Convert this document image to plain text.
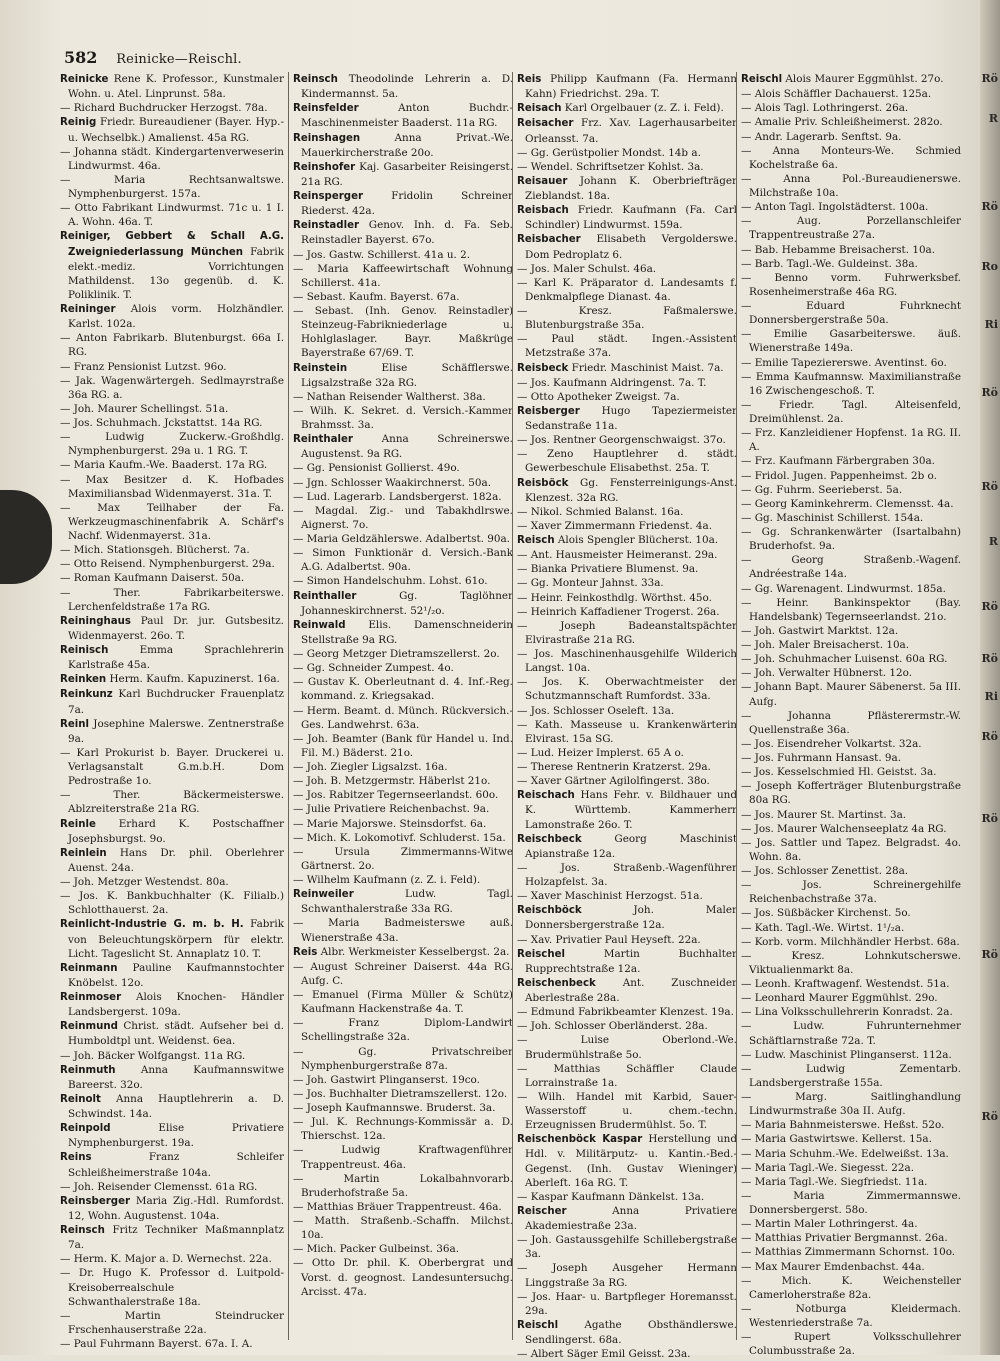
Rö
R
Rö
Ro
Ri
Rö
Rö
R
Rö
Rö
Ri
Rö
Rö
Rö
Rö
582 Reinicke—Reischl.

Reinicke Rene K. Professor., Kunstmaler Wohn. u. Atel. Linprunst. 58a.

— Richard Buchdrucker Herzogst. 78a.

Reinig Friedr. Bureaudiener (Bayer. Hyp.- u. Wechselbk.) Amalienst. 45a RG.

— Johanna städt. Kindergartenverweserin Lindwurmst. 46a.

— Maria Rechtsanwaltswe. Nymphenburgerst. 157a.

— Otto Fabrikant Lindwurmst. 71c u. 1 I. A. Wohn. 46a. T.

Reiniger, Gebbert & Schall A.G. Zweigniederlassung München Fabrik elekt.-mediz. Vorrichtungen Mathildenst. 13o gegenüb. d. K. Poliklinik. T.

Reininger Alois vorm. Holzhändler. Karlst. 102a.

— Anton Fabrikarb. Blutenburgst. 66a I. RG.

— Franz Pensionist Lutzst. 96o.

— Jak. Wagenwärtergeh. Sedlmayrstraße 36a RG. a.

— Joh. Maurer Schellingst. 51a.

— Jos. Schuhmach. Jckstattst. 14a RG.

— Ludwig Zuckerw.-Großhdlg. Nymphenburgerst. 29a u. 1 RG. T.

— Maria Kaufm.-We. Baaderst. 17a RG.

— Max Besitzer d. K. Hofbades Maximiliansbad Widenmayerst. 31a. T.

— Max Teilhaber der Fa. Werkzeugmaschinenfabrik A. Schärf's Nachf. Widenmayerst. 31a.

— Mich. Stationsgeh. Blücherst. 7a.

— Otto Reisend. Nymphenburgerst. 29a.

— Roman Kaufmann Daiserst. 50a.

— Ther. Fabrikarbeiterswe. Lerchenfeldstraße 17a RG.

Reininghaus Paul Dr. jur. Gutsbesitz. Widenmayerst. 26o. T.

Reinisch	Emma Sprachlehrerin Karlstraße 45a.

Reinken Herm. Kaufm. Kapuzinerst. 16a.

Reinkunz Karl Buchdrucker Frauenplatz 7a.

Reinl Josephine Malerswe. Zentnerstraße 9a.

— Karl Prokurist b. Bayer. Druckerei u. Verlagsanstalt G.m.b.H. Dom Pedrostraße 1o.

— Ther. Bäckermeisterswe. Ablzreiterstraße 21a RG.

Reinle Erhard K. Postschaffner Josephsburgst. 9o.

Reinlein Hans Dr. phil. Oberlehrer Auenst. 24a.

— Joh. Metzger Westendst. 80a.

— Jos. K. Bankbuchhalter (K. Filialb.) Schlotthauerst. 2a.

Reinlicht-Industrie G. m. b. H. Fabrik von Beleuchtungskörpern für elektr. Licht. Tageslicht St. Annaplatz 10. T.

Reinmann Pauline Kaufmannstochter Knöbelst. 12o.

Reinmoser Alois Knochen- Händler Landsbergerst. 109a.

Reinmund Christ. städt. Aufseher bei d. Humboldtpl unt. Weidenst. 6ea.

— Joh. Bäcker Wolfgangst. 11a RG.

Reinmuth Anna Kaufmannswitwe Bareerst. 32o.

Reinolt Anna Hauptlehrerin a. D. Schwindst. 14a.

Reinpold	Elise Privatiere Nymphenburgerst. 19a.

Reins	Franz Schleifer Schleißheimerstraße 104a.

— Joh. Reisender Clemensst. 61a RG.

Reinsberger Maria Zig.-Hdl. Rumfordst. 12, Wohn. Augustenst. 104a.

Reinsch Fritz Techniker Maßmannplatz 7a.

— Herm. K. Major a. D. Wernechst. 22a.

— Dr. Hugo K. Professor d. Luitpold-Kreisoberrealschule Schwanthalerstraße 18a.

— Martin Steindrucker Frschenhauserstraße 22a.

— Paul Fuhrmann Bayerst. 67a. I. A.

Reinsch Theodolinde Lehrerin a. D. Kindermannst. 5a.

Reinsfelder	Anton Buchdr.-Maschinenmeister Baaderst. 11a RG.

Reinshagen	Anna Privat.-We. Mauerkircherstraße 20o.

Reinshofer Kaj. Gasarbeiter Reisingerst. 21a RG.

Reinsperger	Fridolin Schreiner Riederst. 42a.

Reinstadler Genov. Inh. d. Fa. Seb. Reinstadler Bayerst. 67o.

— Jos. Gastw. Schillerst. 41a u. 2.

— Maria Kaffeewirtschaft Wohnung Schillerst. 41a.

— Sebast. Kaufm. Bayerst. 67a.

— Sebast. (Inh. Genov. Reinstadler) Steinzeug-Fabrikniederlage u. Hohlglaslager. Bayr. Maßkrüge Bayerstraße 67/69. T.

Reinstein	Elise Schäfflerswe. Ligsalzstraße 32a RG.

— Nathan Reisender Waltherst. 38a.

— Wilh. K. Sekret. d. Versich.-Kammer Brahmsst. 3a.

Reinthaler	Anna Schreinerswe. Augustenst. 9a RG.

— Gg. Pensionist Gollierst. 49o.

— Jgn. Schlosser Waakirchnerst. 50a.

— Lud. Lagerarb. Landsbergerst. 182a.

— Magdal. Zig.- und Tabakhdlrswe. Aignerst. 7o.

— Maria Geldzählerswe. Adalbertst. 90a.

— Simon Funktionär d. Versich.-Bank A.G. Adalbertst. 90a.

— Simon Handelschuhm. Lohst. 61o.

Reinthaller	Gg. Taglöhner Johanneskirchnerst. 52¹/₂o.

Reinwald Elis. Damenschneiderin Stellstraße 9a RG.

— Georg Metzger Dietramszellerst. 2o.

— Gg. Schneider Zumpest. 4o.

— Gustav K. Oberleutnant d. 4. Inf.-Reg. kommand. z. Kriegsakad.

— Herm. Beamt. d. Münch. Rückversich.-Ges. Landwehrst. 63a.

— Joh. Beamter (Bank für Handel u. Ind. Fil. M.) Bäderst. 21o.

— Joh. Ziegler Ligsalzst. 16a.

— Joh. B. Metzgermstr. Häberlst 21o.

— Jos. Rabitzer Tegernseerlandst. 60o.

— Julie Privatiere Reichenbachst. 9a.

— Marie Majorswe. Steinsdorfst. 6a.

— Mich. K. Lokomotivf. Schluderst. 15a.

— Ursula Zimmermanns-Witwe Gärtnerst. 2o.

— Wilhelm Kaufmann (z. Z. i. Feld).

Reinweiler	Ludw. Tagl. Schwanthalerstraße 33a RG.

— Maria Badmeisterswe auß. Wienerstraße 43a.

Reis Albr. Werkmeister Kesselbergst. 2a.

— August Schreiner Daiserst. 44a RG. Aufg. C.

— Emanuel (Firma Müller & Schütz) Kaufmann Hackenstraße 4a. T.

— Franz Diplom-Landwirt Schellingstraße 32a.

— Gg. Privatschreiber Nymphenburgerstraße 87a.

— Joh. Gastwirt Plinganserst. 19co.

— Jos. Buchhalter Dietramszellerst. 12o.

— Joseph Kaufmannswe. Bruderst. 3a.

— Jul. K. Rechnungs-Kommissär a. D. Thierschst. 12a.

— Ludwig Kraftwagenführer Trappentreust. 46a.

— Martin Lokalbahnvorarb. Bruderhofstraße 5a.

— Matthias Bräuer Trappentreust. 46a.

— Matth. Straßenb.-Schaffn. Milchst. 10a.

— Mich. Packer Gulbeinst. 36a.

— Otto Dr. phil. K. Oberbergrat und Vorst. d. geognost. Landesuntersuchg. Arcisst. 47a.

Reis Philipp Kaufmann (Fa. Hermann Kahn) Friedrichst. 29a. T.

Reisach Karl Orgelbauer (z. Z. i. Feld).

Reisacher Frz. Xav. Lagerhausarbeiter Orleansst. 7a.

— Gg. Gerüstpolier Mondst. 14b a.

— Wendel. Schriftsetzer Kohlst. 3a.

Reisauer Johann K. Oberbriefträger Zieblandst. 18a.

Reisbach Friedr. Kaufmann (Fa. Carl Schindler) Lindwurmst. 159a.

Reisbacher Elisabeth Vergolderswe. Dom Pedroplatz 6.

— Jos. Maler Schulst. 46a.

— Karl K. Präparator d. Landesamts f. Denkmalpflege Dianast. 4a.

— Kresz. Faßmalerswe. Blutenburgstraße 35a.

— Paul städt. Ingen.-Assistent Metzstraße 37a.

Reisbeck Friedr. Maschinist Maist. 7a.

— Jos. Kaufmann Aldringenst. 7a. T.

— Otto Apotheker Zweigst. 7a.

Reisberger Hugo Tapeziermeister Sedanstraße 11a.

— Jos. Rentner Georgenschwaigst. 37o.

— Zeno Hauptlehrer d. städt. Gewerbeschule Elisabethst. 25a. T.

Reisböck Gg. Fensterreinigungs-Anst. Klenzest. 32a RG.

— Nikol. Schmied Balanst. 16a.

— Xaver Zimmermann Friedenst. 4a.

Reisch Alois Spengler Blücherst. 10a.

— Ant. Hausmeister Heimeranst. 29a.

— Bianka Privatiere Blumenst. 9a.

— Gg. Monteur Jahnst. 33a.

— Heinr. Feinkosthdlg. Wörthst. 45o.

— Heinrich Kaffadiener Trogerst. 26a.

— Joseph Badeanstaltspächter Elvirastraße 21a RG.

— Jos. Maschinenhausgehilfe Wilderich Langst. 10a.

— Jos. K. Oberwachtmeister der Schutzmannschaft Rumfordst. 33a.

— Jos. Schlosser Oseleft. 13a.

— Kath. Masseuse u. Krankenwärterin Elvirast. 15a SG.

— Lud. Heizer Implerst. 65 A o.

— Therese Rentnerin Kratzerst. 29a.

— Xaver Gärtner Agilolfingerst. 38o.

Reischach Hans Fehr. v. Bildhauer und K. Württemb. Kammerherr Lamonstraße 26o. T.

Reischbeck	Georg Maschinist Apianstraße 12a.

— Jos. Straßenb.-Wagenführer Holzapfelst. 3a.

— Xaver Maschinist Herzogst. 51a.

Reischböck	Joh. Maler Donnersbergerstraße 12a.

— Xav. Privatier Paul Heyseft. 22a.

Reischel	Martin Buchhalter Rupprechtstraße 12a.

Reischenbeck	Ant. Zuschneider Aberlestraße 28a.

— Edmund Fabrikbeamter Klenzest. 19a.

— Joh. Schlosser Oberländerst. 28a.

— Luise Oberlond.-We. Brudermühlstraße 5o.

— Matthias Schäffler Claude Lorrainstraße 1a.

— Wilh. Handel mit Karbid, Sauer- Wasserstoff u. chem.-techn. Erzeugnissen Brudermühlst. 5o. T.

Reischenböck Kaspar Herstellung und Hdl. v. Militärputz- u. Kantin.-Bed.-Gegenst. (Inh. Gustav Wieninger) Aberleft. 16a RG. T.

— Kaspar Kaufmann Dänkelst. 13a.

Reischer	Anna Privatiere Akademiestraße 23a.

— Joh. Gastaussgehilfe Schillebergstraße 3a.

— Joseph Ausgeher Hermann Linggstraße 3a RG.

— Jos. Haar- u. Bartpfleger Horemansst. 29a.

Reischl	Agathe Obsthändlerswe. Sendlingerst. 68a.

— Albert Säger Emil Geisst. 23a.

Reischl Alois Maurer Eggmühlst. 27o.

— Alois Schäffler Dachauerst. 125a.

— Alois Tagl. Lothringerst. 26a.

— Amalie Priv. Schleißheimerst. 282o.

— Andr. Lagerarb. Senftst. 9a.

— Anna Monteurs-We. Schmied Kochelstraße 6a.

— Anna Pol.-Bureaudienerswe. Milchstraße 10a.

— Anton Tagl. Ingolstädterst. 100a.

— Aug. Porzellanschleifer Trappentreustraße 27a.

— Bab. Hebamme Breisacherst. 10a.

— Barb. Tagl.-We. Guldeinst. 38a.

— Benno vorm. Fuhrwerksbef. Rosenheimerstraße 46a RG.

— Eduard Fuhrknecht Donnersbergerstraße 50a.

— Emilie Gasarbeiterswe. äuß. Wienerstraße 149a.

— Emilie Tapeziererswe. Aventinst. 6o.

— Emma Kaufmannsw. Maximilianstraße 16 Zwischengeschoß. T.

— Friedr. Tagl. Alteisenfeld, Dreimühlenst. 2a.

— Frz. Kanzleidiener Hopfenst. 1a RG. II. A.

— Frz. Kaufmann Färbergraben 30a.

— Fridol. Jugen. Pappenheimst. 2b o.

— Gg. Fuhrm. Seerieberst. 5a.

— Georg Kaminkehrerm. Clemensst. 4a.

— Gg. Maschinist Schillerst. 154a.

— Gg. Schrankenwärter (Isartalbahn) Bruderhofst. 9a.

— Georg Straßenb.-Wagenf. Andréestraße 14a.

— Gg. Warenagent. Lindwurmst. 185a.

— Heinr. Bankinspektor (Bay. Handelsbank) Tegernseerlandst. 21o.

— Joh. Gastwirt Marktst. 12a.

— Joh. Maler Breisacherst. 10a.

— Joh. Schuhmacher Luisenst. 60a RG.

— Joh. Verwalter Hübnerst. 12o.

— Johann Bapt. Maurer Säbenerst. 5a III. Aufg.

— Johanna Pflästerermstr.-W. Quellenstraße 36a.

— Jos. Eisendreher Volkartst. 32a.

— Jos. Fuhrmann Hansast. 9a.

— Jos. Kesselschmied Hl. Geistst. 3a.

— Joseph Kofferträger Blutenburgstraße 80a RG.

— Jos. Maurer St. Martinst. 3a.

— Jos. Maurer Walchenseeplatz 4a RG.

— Jos. Sattler und Tapez. Belgradst. 4o. Wohn. 8a.

— Jos. Schlosser Zenettist. 28a.

— Jos. Schreinergehilfe Reichenbachstraße 37a.

— Jos. Süßbäcker Kirchenst. 5o.

— Kath. Tagl.-We. Wirtst. 1¹/₂a.

— Korb. vorm. Milchhändler Herbst. 68a.

— Kresz. Lohnkutscherswe. Viktualienmarkt 8a.

— Leonh. Kraftwagenf. Westendst. 51a.

— Leonhard Maurer Eggmühlst. 29o.

— Lina Volksschullehrerin Konradst. 2a.

— Ludw. Fuhrunternehmer Schäftlarnstraße 72a. T.

— Ludw. Maschinist Plinganserst. 112a.

— Ludwig Zementarb. Landsbergerstraße 155a.

— Marg. Saitlinghandlung Lindwurmstraße 30a II. Aufg.

— Maria Bahnmeisterswe. Heßst. 52o.

— Maria Gastwirtswe. Kellerst. 15a.

— Maria Schuhm.-We. Edelweißst. 13a.

— Maria Tagl.-We. Siegesst. 22a.

— Maria Tagl.-We. Siegfriedst. 11a.

— Maria Zimmermannswe. Donnersbergerst. 58o.

— Martin Maler Lothringerst. 4a.

— Matthias Privatier Bergmannst. 26a.

— Matthias Zimmermann Schornst. 10o.

— Max Maurer Emdenbachst. 44a.

— Mich. K. Weichensteller Camerloherstraße 82a.

— Notburga Kleidermach. Westenriederstraße 7a.

— Rupert Volksschullehrer Columbusstraße 2a.
